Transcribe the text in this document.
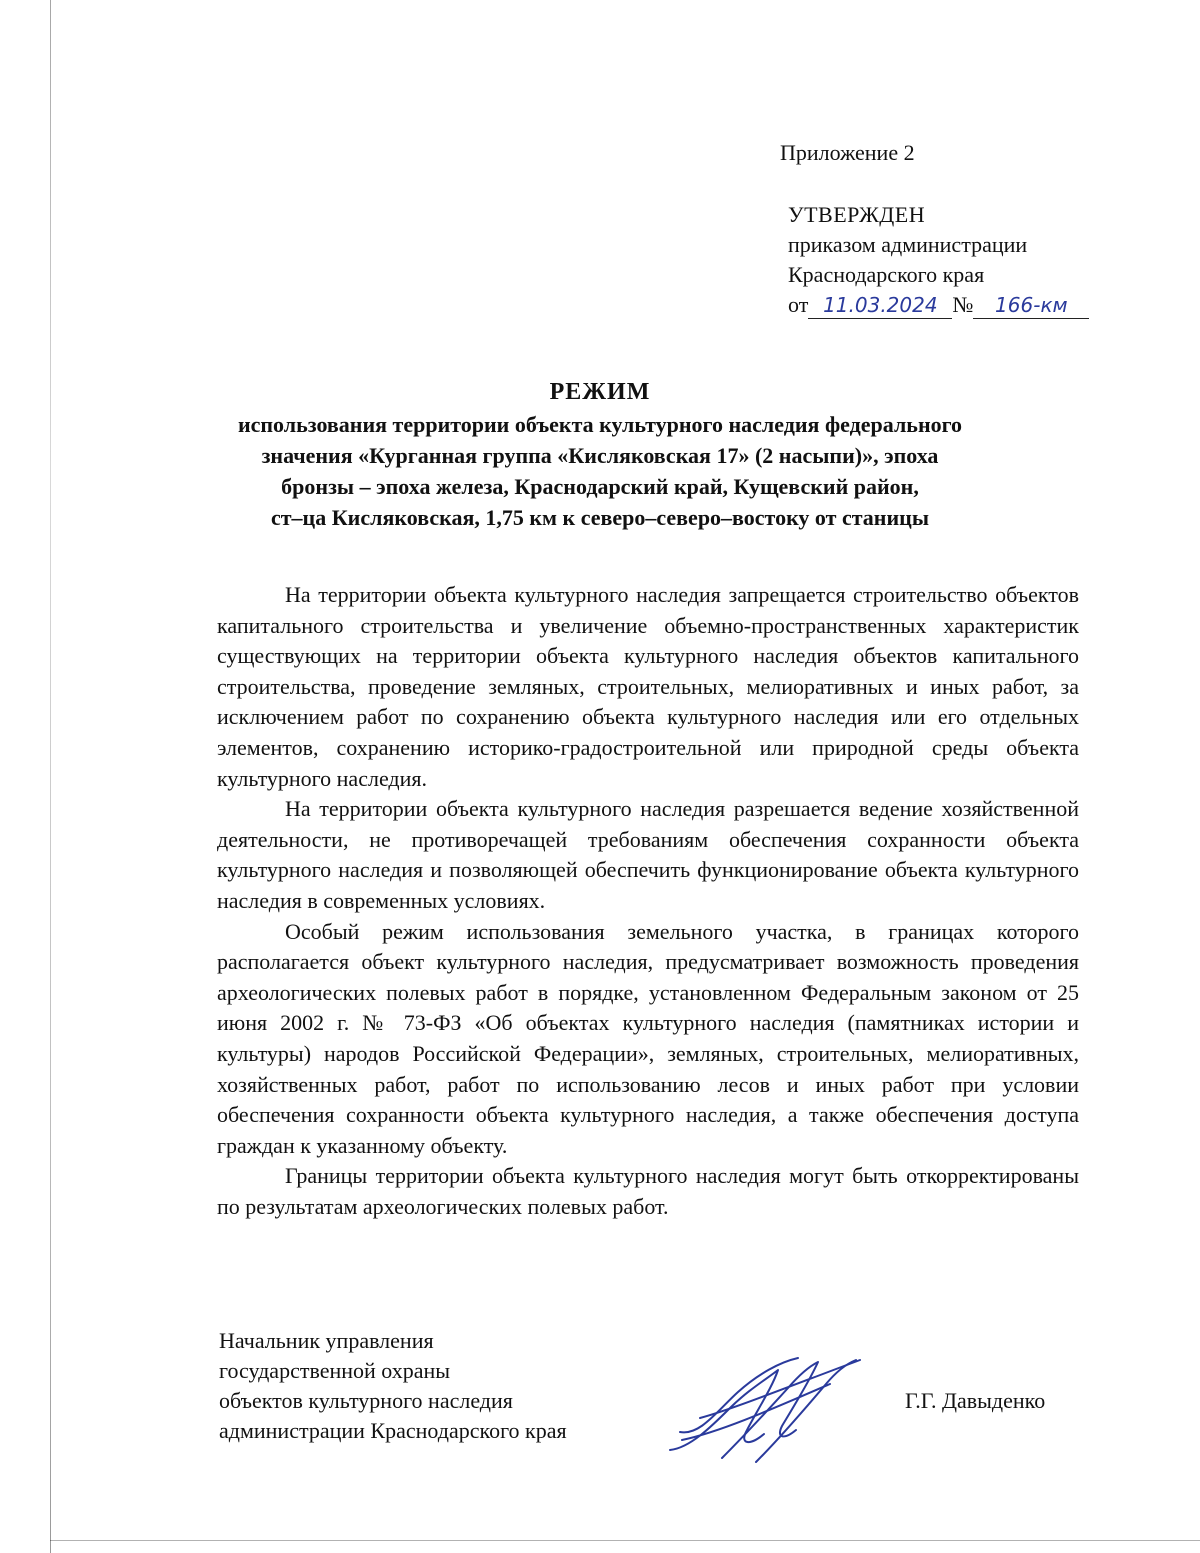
Приложение 2
УТВЕРЖДЕН
приказом администрации
Краснодарского края
от 11.03.2024 № 166-км
РЕЖИМ
использования территории объекта культурного наследия федерального
значения «Курганная группа «Кисляковская 17» (2 насыпи)», эпоха
бронзы – эпоха железа, Краснодарский край, Кущевский район,
ст–ца Кисляковская, 1,75 км к северо–северо–востоку от станицы

На территории объекта культурного наследия запрещается строительство объектов капитального строительства и увеличение объемно-пространственных характеристик существующих на территории объекта культурного наследия объектов капитального строительства, проведение земляных, строительных, мелиоративных и иных работ, за исключением работ по сохранению объекта культурного наследия или его отдельных элементов, сохранению историко-градостроительной или природной среды объекта культурного наследия.

На территории объекта культурного наследия разрешается ведение хозяйственной деятельности, не противоречащей требованиям обеспечения сохранности объекта культурного наследия и позволяющей обеспечить функционирование объекта культурного наследия в современных условиях.

Особый режим использования земельного участка, в границах которого располагается объект культурного наследия, предусматривает возможность проведения археологических полевых работ в порядке, установленном Федеральным законом от 25 июня 2002 г. № 73-ФЗ «Об объектах культурного наследия (памятниках истории и культуры) народов Российской Федерации», земляных, строительных, мелиоративных, хозяйственных работ, работ по использованию лесов и иных работ при условии обеспечения сохранности объекта культурного наследия, а также обеспечения доступа граждан к указанному объекту.

Границы территории объекта культурного наследия могут быть откорректированы по результатам археологических полевых работ.

Начальник управления
государственной охраны
объектов культурного наследия
администрации Краснодарского края
Г.Г. Давыденко
